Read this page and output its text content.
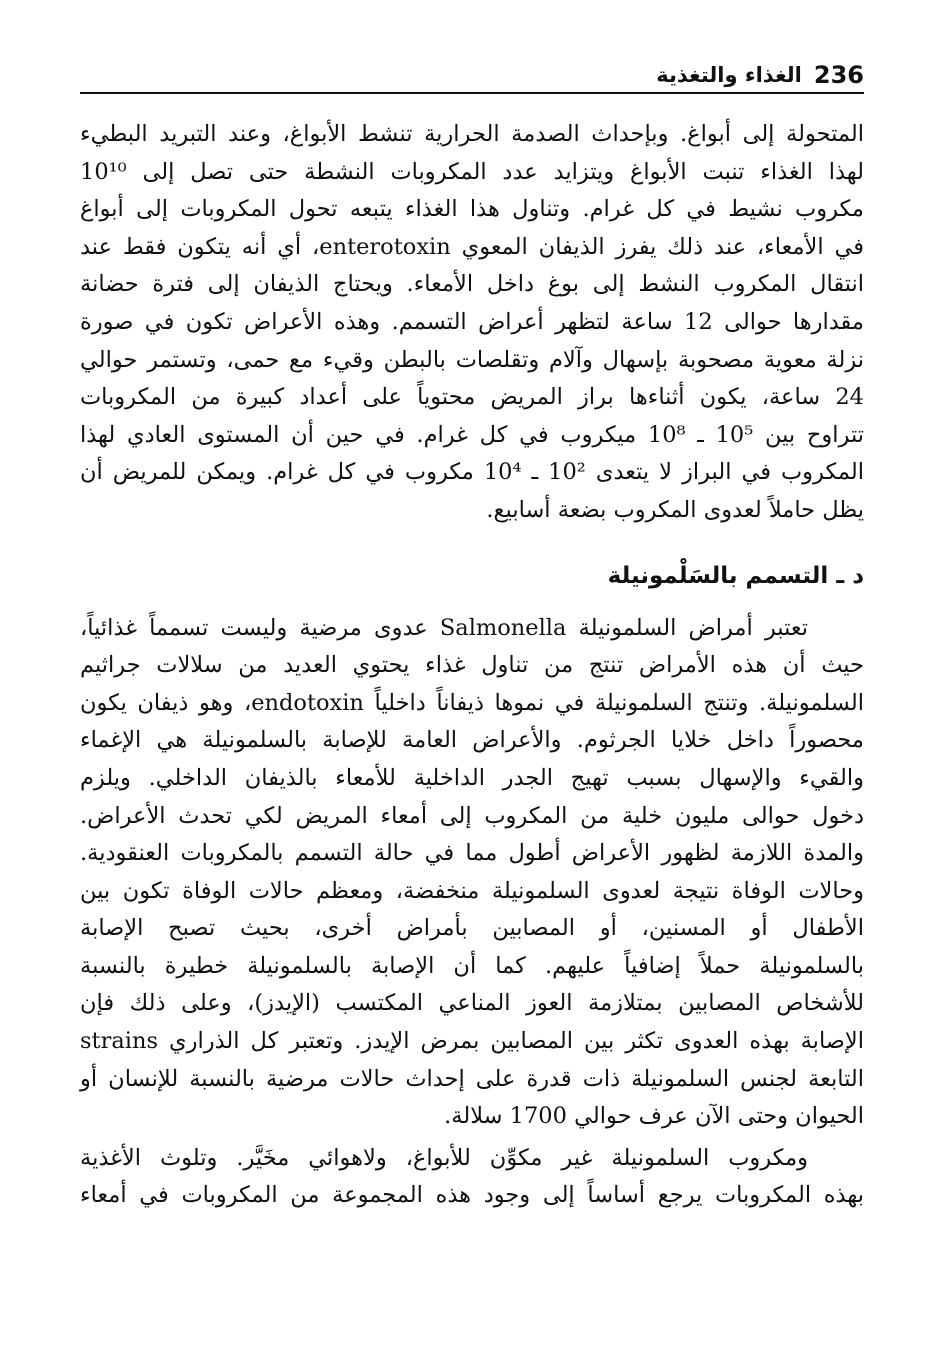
236
الغذاء والتغذية

المتحولة إلى أبواغ. وبإحداث الصدمة الحرارية تنشط الأبواغ، وعند التبريد البطيء
لهذا الغذاء تنبت الأبواغ ويتزايد عدد المكروبات النشطة حتى تصل إلى 10¹⁰
مكروب نشيط في كل غرام. وتناول هذا الغذاء يتبعه تحول المكروبات إلى أبواغ
في الأمعاء، عند ذلك يفرز الذيفان المعوي enterotoxin، أي أنه يتكون فقط عند
انتقال المكروب النشط إلى بوغ داخل الأمعاء. ويحتاج الذيفان إلى فترة حضانة
مقدارها حوالى 12 ساعة لتظهر أعراض التسمم. وهذه الأعراض تكون في صورة
نزلة معوية مصحوبة بإسهال وآلام وتقلصات بالبطن وقيء مع حمى، وتستمر حوالي
24 ساعة، يكون أثناءها براز المريض محتوياً على أعداد كبيرة من المكروبات
تتراوح بين 10⁵ ـ 10⁸ ميكروب في كل غرام. في حين أن المستوى العادي لهذا
المكروب في البراز لا يتعدى 10² ـ 10⁴ مكروب في كل غرام. ويمكن للمريض أن
يظل حاملاً لعدوى المكروب بضعة أسابيع.

د ـ التسمم بالسَلْمونيلة

تعتبر أمراض السلمونيلة Salmonella عدوى مرضية وليست تسمماً غذائياً،
حيث أن هذه الأمراض تنتج من تناول غذاء يحتوي العديد من سلالات جراثيم
السلمونيلة. وتنتج السلمونيلة في نموها ذيفاناً داخلياً endotoxin، وهو ذيفان يكون
محصوراً داخل خلايا الجرثوم. والأعراض العامة للإصابة بالسلمونيلة هي الإغماء
والقيء والإسهال بسبب تهيج الجدر الداخلية للأمعاء بالذيفان الداخلي. ويلزم
دخول حوالى مليون خلية من المكروب إلى أمعاء المريض لكي تحدث الأعراض.
والمدة اللازمة لظهور الأعراض أطول مما في حالة التسمم بالمكروبات العنقودية.
وحالات الوفاة نتيجة لعدوى السلمونيلة منخفضة، ومعظم حالات الوفاة تكون بين
الأطفال أو المسنين، أو المصابين بأمراض أخرى، بحيث تصبح الإصابة
بالسلمونيلة حملاً إضافياً عليهم. كما أن الإصابة بالسلمونيلة خطيرة بالنسبة
للأشخاص المصابين بمتلازمة العوز المناعي المكتسب (الإيدز)، وعلى ذلك فإن
الإصابة بهذه العدوى تكثر بين المصابين بمرض الإيدز. وتعتبر كل الذراري strains
التابعة لجنس السلمونيلة ذات قدرة على إحداث حالات مرضية بالنسبة للإنسان أو
الحيوان وحتى الآن عرف حوالي 1700 سلالة.

ومكروب السلمونيلة غير مكوِّن للأبواغ، ولاهوائي مخَيَّر. وتلوث الأغذية
بهذه المكروبات يرجع أساساً إلى وجود هذه المجموعة من المكروبات في أمعاء
